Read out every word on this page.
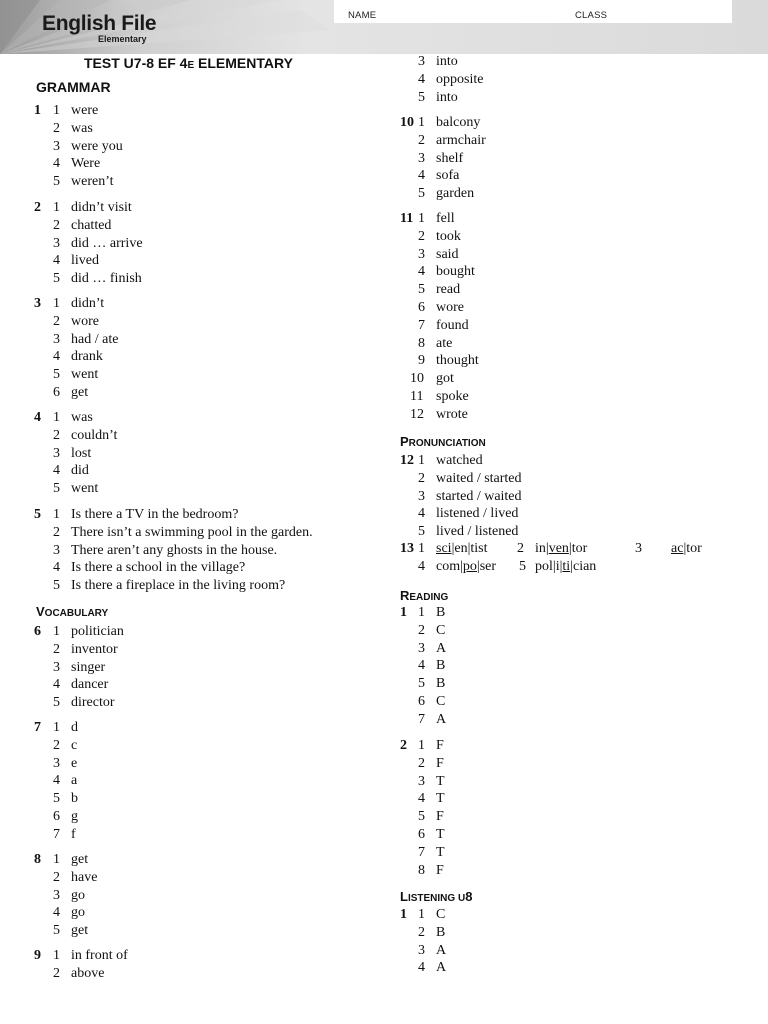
English File
Elementary
NAME	CLASS
TEST U7-8 EF 4E ELEMENTARY
GRAMMAR
VOCABULARY
PRONUNCIATION
READING
LISTENING U8
1 1 were
2 was
3 were you
4 Were
5 weren’t
2 1 didn’t visit
2 chatted
3 did … arrive
4 lived
5 did … finish
3 1 didn’t
2 wore
3 had / ate
4 drank
5 went
6 get
4 1 was
2 couldn’t
3 lost
4 did
5 went
5 1 Is there a TV in the bedroom?
2 There isn’t a swimming pool in the garden.
3 There aren’t any ghosts in the house.
4 Is there a school in the village?
5 Is there a fireplace in the living room?
6 1 politician
2 inventor
3 singer
4 dancer
5 director
7 1 d
2 c
3 e
4 a
5 b
6 g
7 f
8 1 get
2 have
3 go
4 go
5 get
9 1 in front of
2 above
3 into
4 opposite
5 into
10 1 balcony
2 armchair
3 shelf
4 sofa
5 garden
11 1 fell
2 took
3 said
4 bought
5 read
6 wore
7 found
8 ate
9 thought
10 got
11 spoke
12 wrote
12 1 watched
2 waited / started
3 started / waited
4 listened / lived
5 lived / listened
13 1 sci|en|tist 2 in|ven|tor	3 ac|tor
4 com|po|ser 5 pol|i|ti|cian
1 1 B
2 C
3 A
4 B
5 B
6 C
7 A
2 1 F
2 F
3 T
4 T
5 F
6 T
7 T
8 F
1 1 C
2 B
3 A
4 A
